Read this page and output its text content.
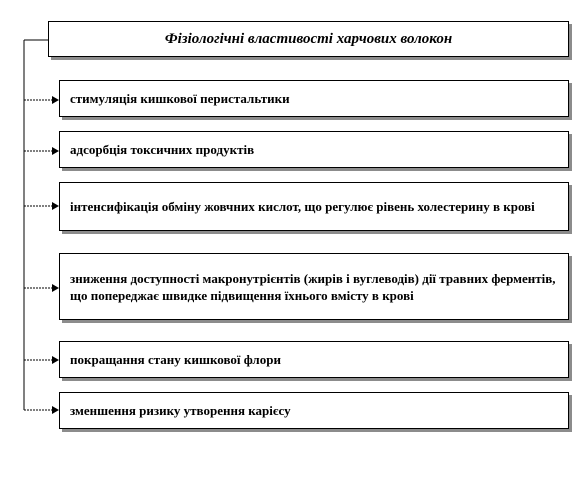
Фізіологічні властивості харчових волокон
стимуляція кишкової перистальтики
адсорбція токсичних продуктів
інтенсифікація обміну жовчних кислот, що регулює рівень холестерину в крові
зниження доступності макронутрієнтів (жирів і вуглеводів) дії травних ферментів, що попереджає швидке підвищення їхнього вмісту в крові
покращання стану кишкової флори
зменшення ризику утворення карієсу
